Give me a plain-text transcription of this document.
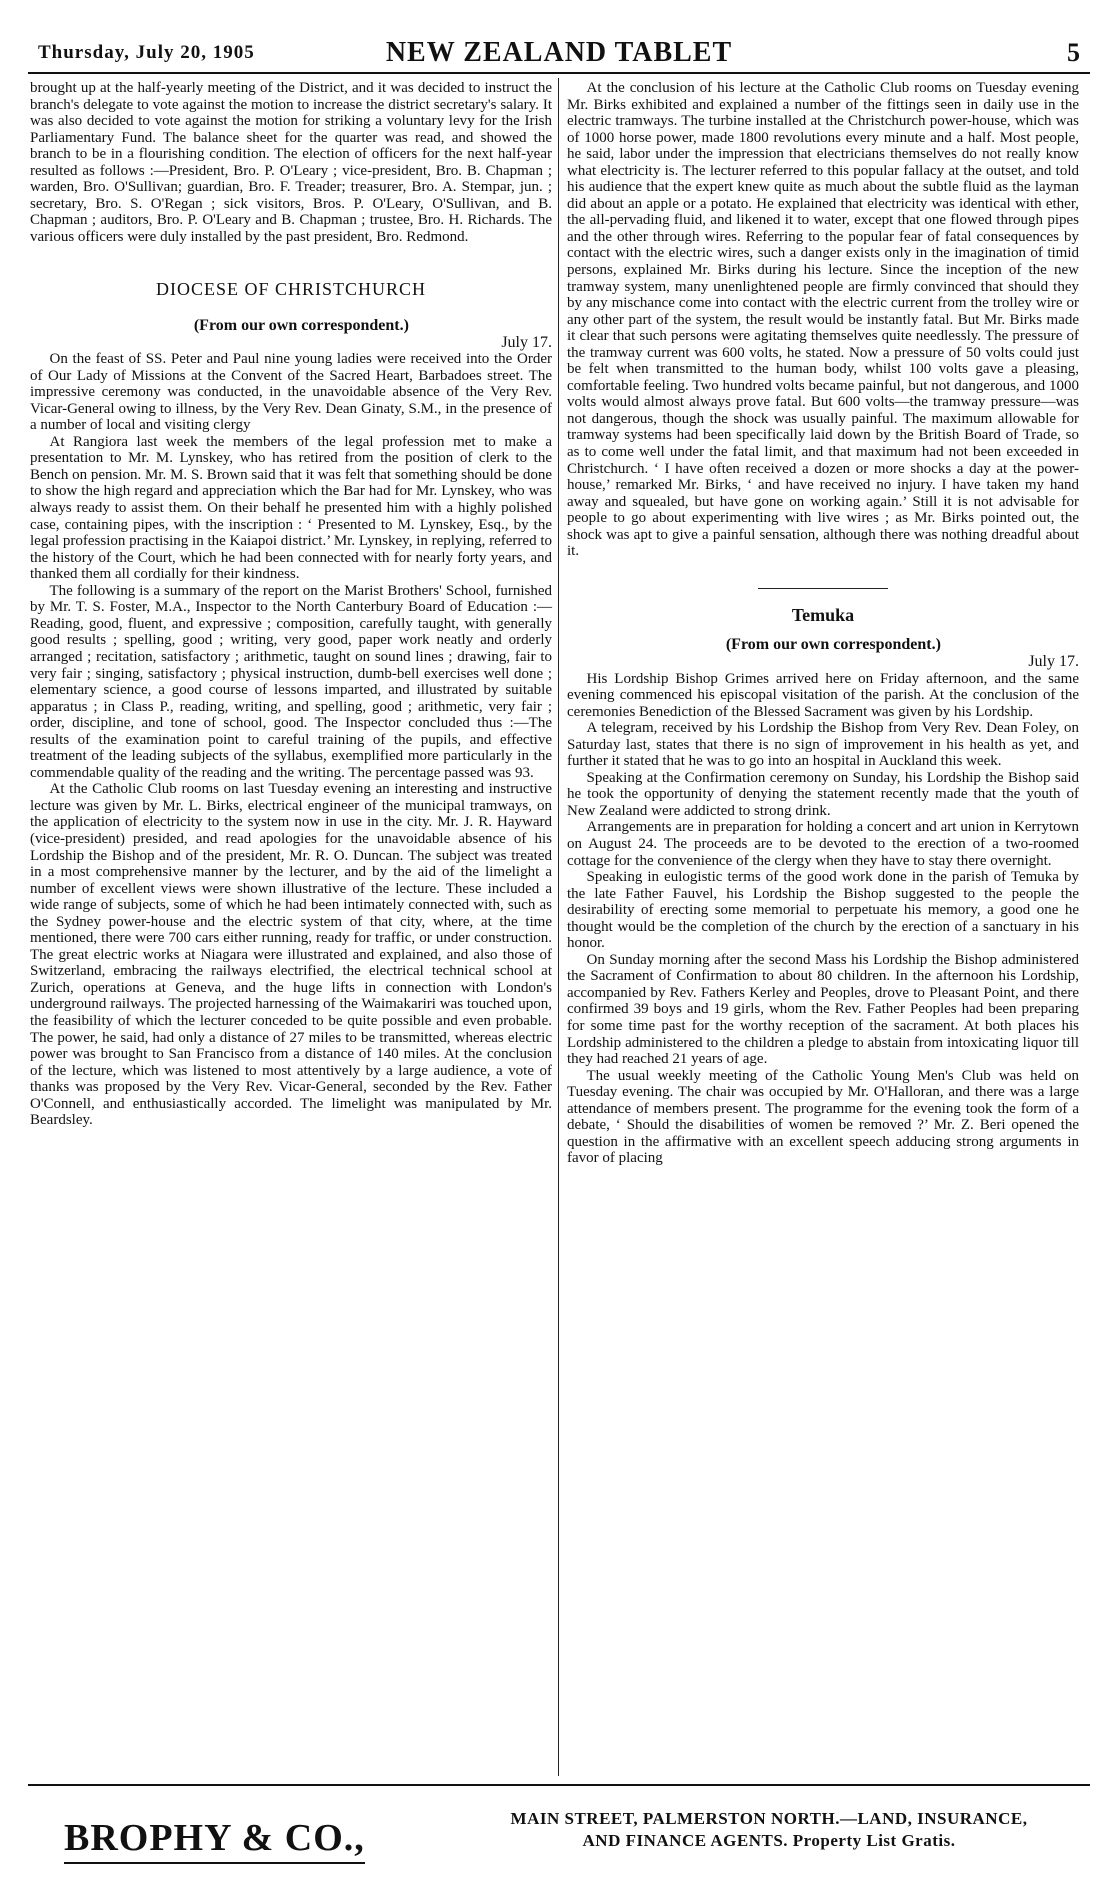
Thursday, July 20, 1905	NEW ZEALAND TABLET	5

brought up at the half-yearly meeting of the District, and it was decided to instruct the branch's delegate to vote against the motion to increase the district secretary's salary. It was also decided to vote against the motion for striking a voluntary levy for the Irish Parliamentary Fund. The balance sheet for the quarter was read, and showed the branch to be in a flourishing condition. The election of officers for the next half-year resulted as follows :—President, Bro. P. O'Leary ; vice-president, Bro. B. Chapman ; warden, Bro. O'Sullivan; guardian, Bro. F. Treader; treasurer, Bro. A. Stempar, jun. ; secretary, Bro. S. O'Regan ; sick visitors, Bros. P. O'Leary, O'Sullivan, and B. Chapman ; auditors, Bro. P. O'Leary and B. Chapman ; trustee, Bro. H. Richards. The various officers were duly installed by the past president, Bro. Redmond.

DIOCESE OF CHRISTCHURCH

(From our own correspondent.)

July 17.

On the feast of SS. Peter and Paul nine young ladies were received into the Order of Our Lady of Missions at the Convent of the Sacred Heart, Barbadoes street. The impressive ceremony was conducted, in the unavoidable absence of the Very Rev. Vicar-General owing to illness, by the Very Rev. Dean Ginaty, S.M., in the presence of a number of local and visiting clergy

At Rangiora last week the members of the legal profession met to make a presentation to Mr. M. Lynskey, who has retired from the position of clerk to the Bench on pension. Mr. M. S. Brown said that it was felt that something should be done to show the high regard and appreciation which the Bar had for Mr. Lynskey, who was always ready to assist them. On their behalf he presented him with a highly polished case, containing pipes, with the inscription : ‘ Presented to M. Lynskey, Esq., by the legal profession practising in the Kaiapoi district.’ Mr. Lynskey, in replying, referred to the history of the Court, which he had been connected with for nearly forty years, and thanked them all cordially for their kindness.

The following is a summary of the report on the Marist Brothers' School, furnished by Mr. T. S. Foster, M.A., Inspector to the North Canterbury Board of Education :—Reading, good, fluent, and expressive ; composition, carefully taught, with generally good results ; spelling, good ; writing, very good, paper work neatly and orderly arranged ; recitation, satisfactory ; arithmetic, taught on sound lines ; drawing, fair to very fair ; singing, satisfactory ; physical instruction, dumb-bell exercises well done ; elementary science, a good course of lessons imparted, and illustrated by suitable apparatus ; in Class P., reading, writing, and spelling, good ; arithmetic, very fair ; order, discipline, and tone of school, good. The Inspector concluded thus :—The results of the examination point to careful training of the pupils, and effective treatment of the leading subjects of the syllabus, exemplified more particularly in the commendable quality of the reading and the writing. The percentage passed was 93.

At the Catholic Club rooms on last Tuesday evening an interesting and instructive lecture was given by Mr. L. Birks, electrical engineer of the municipal tramways, on the application of electricity to the system now in use in the city. Mr. J. R. Hayward (vice-president) presided, and read apologies for the unavoidable absence of his Lordship the Bishop and of the president, Mr. R. O. Duncan. The subject was treated in a most comprehensive manner by the lecturer, and by the aid of the limelight a number of excellent views were shown illustrative of the lecture. These included a wide range of subjects, some of which he had been intimately connected with, such as the Sydney power-house and the electric system of that city, where, at the time mentioned, there were 700 cars either running, ready for traffic, or under construction. The great electric works at Niagara were illustrated and explained, and also those of Switzerland, embracing the railways electrified, the electrical technical school at Zurich, operations at Geneva, and the huge lifts in connection with London's underground railways. The projected harnessing of the Waimakariri was touched upon, the feasibility of which the lecturer conceded to be quite possible and even probable. The power, he said, had only a distance of 27 miles to be transmitted, whereas electric power was brought to San Francisco from a distance of 140 miles. At the conclusion of the lecture, which was listened to most attentively by a large audience, a vote of thanks was proposed by the Very Rev. Vicar-General, seconded by the Rev. Father O'Connell, and enthusiastically accorded. The limelight was manipulated by Mr. Beardsley.

At the conclusion of his lecture at the Catholic Club rooms on Tuesday evening Mr. Birks exhibited and explained a number of the fittings seen in daily use in the electric tramways. The turbine installed at the Christchurch power-house, which was of 1000 horse power, made 1800 revolutions every minute and a half. Most people, he said, labor under the impression that electricians themselves do not really know what electricity is. The lecturer referred to this popular fallacy at the outset, and told his audience that the expert knew quite as much about the subtle fluid as the layman did about an apple or a potato. He explained that electricity was identical with ether, the all-pervading fluid, and likened it to water, except that one flowed through pipes and the other through wires. Referring to the popular fear of fatal consequences by contact with the electric wires, such a danger exists only in the imagination of timid persons, explained Mr. Birks during his lecture. Since the inception of the new tramway system, many unenlightened people are firmly convinced that should they by any mischance come into contact with the electric current from the trolley wire or any other part of the system, the result would be instantly fatal. But Mr. Birks made it clear that such persons were agitating themselves quite needlessly. The pressure of the tramway current was 600 volts, he stated. Now a pressure of 50 volts could just be felt when transmitted to the human body, whilst 100 volts gave a pleasing, comfortable feeling. Two hundred volts became painful, but not dangerous, and 1000 volts would almost always prove fatal. But 600 volts—the tramway pressure—was not dangerous, though the shock was usually painful. The maximum allowable for tramway systems had been specifically laid down by the British Board of Trade, so as to come well under the fatal limit, and that maximum had not been exceeded in Christchurch. ‘ I have often received a dozen or more shocks a day at the power-house,’ remarked Mr. Birks, ‘ and have received no injury. I have taken my hand away and squealed, but have gone on working again.’ Still it is not advisable for people to go about experimenting with live wires ; as Mr. Birks pointed out, the shock was apt to give a painful sensation, although there was nothing dreadful about it.

Temuka

(From our own correspondent.)

July 17.

His Lordship Bishop Grimes arrived here on Friday afternoon, and the same evening commenced his episcopal visitation of the parish. At the conclusion of the ceremonies Benediction of the Blessed Sacrament was given by his Lordship.

A telegram, received by his Lordship the Bishop from Very Rev. Dean Foley, on Saturday last, states that there is no sign of improvement in his health as yet, and further it stated that he was to go into an hospital in Auckland this week.

Speaking at the Confirmation ceremony on Sunday, his Lordship the Bishop said he took the opportunity of denying the statement recently made that the youth of New Zealand were addicted to strong drink.

Arrangements are in preparation for holding a concert and art union in Kerrytown on August 24. The proceeds are to be devoted to the erection of a two-roomed cottage for the convenience of the clergy when they have to stay there overnight.

Speaking in eulogistic terms of the good work done in the parish of Temuka by the late Father Fauvel, his Lordship the Bishop suggested to the people the desirability of erecting some memorial to perpetuate his memory, a good one he thought would be the completion of the church by the erection of a sanctuary in his honor.

On Sunday morning after the second Mass his Lordship the Bishop administered the Sacrament of Confirmation to about 80 children. In the afternoon his Lordship, accompanied by Rev. Fathers Kerley and Peoples, drove to Pleasant Point, and there confirmed 39 boys and 19 girls, whom the Rev. Father Peoples had been preparing for some time past for the worthy reception of the sacrament. At both places his Lordship administered to the children a pledge to abstain from intoxicating liquor till they had reached 21 years of age.

The usual weekly meeting of the Catholic Young Men's Club was held on Tuesday evening. The chair was occupied by Mr. O'Halloran, and there was a large attendance of members present. The programme for the evening took the form of a debate, ‘ Should the disabilities of women be removed ?’ Mr. Z. Beri opened the question in the affirmative with an excellent speech adducing strong arguments in favor of placing

BROPHY & CO.,	MAIN STREET, PALMERSTON NORTH.—LAND, INSURANCE,
AND FINANCE AGENTS. Property List Gratis.
